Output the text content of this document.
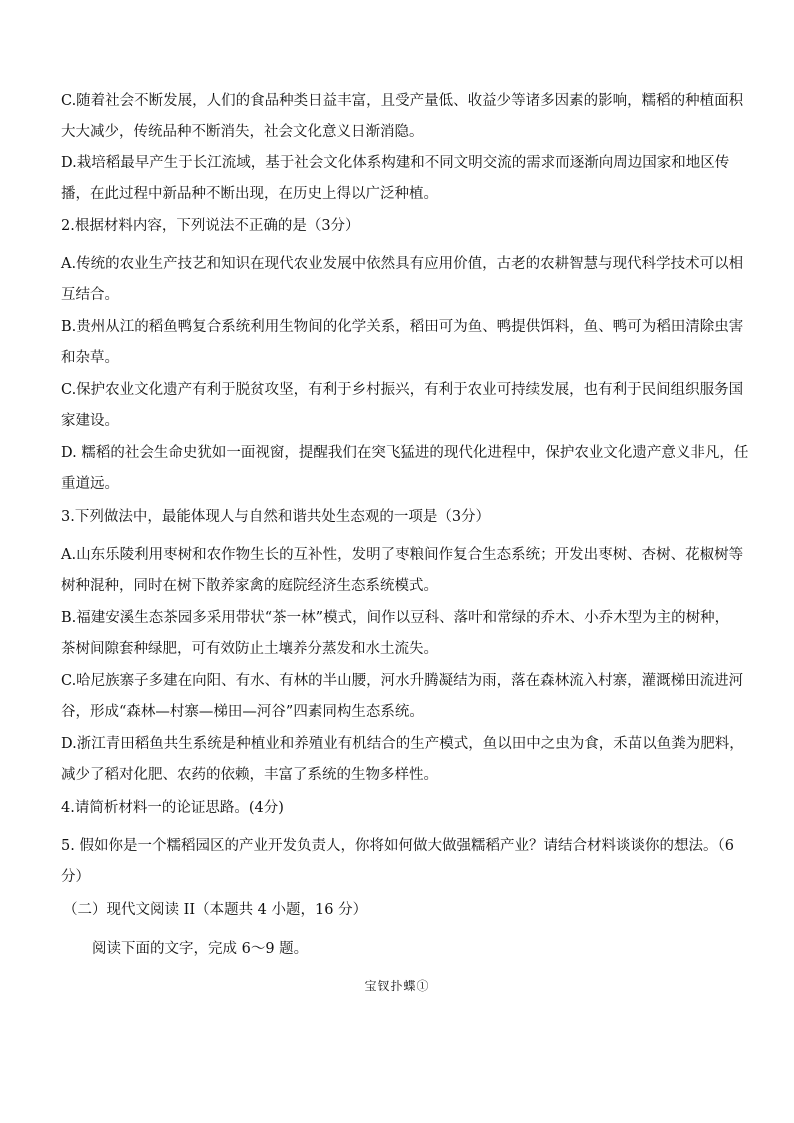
C.随着社会不断发展，人们的食品种类日益丰富，且受产量低、收益少等诸多因素的影响，糯稻的种植面积
大大减少，传统品种不断消失，社会文化意义日渐消隐。

D.栽培稻最早产生于长江流域，基于社会文化体系构建和不同文明交流的需求而逐渐向周边国家和地区传
播，在此过程中新品种不断出现，在历史上得以广泛种植。

2.根据材料内容，下列说法不正确的是（3分）

A.传统的农业生产技艺和知识在现代农业发展中依然具有应用价值，古老的农耕智慧与现代科学技术可以相
互结合。

B.贵州从江的稻鱼鸭复合系统利用生物间的化学关系，稻田可为鱼、鸭提供饵料，鱼、鸭可为稻田清除虫害
和杂草。

C.保护农业文化遗产有利于脱贫攻坚，有利于乡村振兴，有利于农业可持续发展，也有利于民间组织服务国
家建设。

D. 糯稻的社会生命史犹如一面视窗，提醒我们在突飞猛进的现代化进程中，保护农业文化遗产意义非凡，任
重道远。

3.下列做法中，最能体现人与自然和谐共处生态观的一项是（3分）

A.山东乐陵利用枣树和农作物生长的互补性，发明了枣粮间作复合生态系统；开发出枣树、杏树、花椒树等
树种混种，同时在树下散养家禽的庭院经济生态系统模式。

B.福建安溪生态茶园多采用带状“茶一林”模式，间作以豆科、落叶和常绿的乔木、小乔木型为主的树种，
茶树间隙套种绿肥，可有效防止土壤养分蒸发和水土流失。

C.哈尼族寨子多建在向阳、有水、有林的半山腰，河水升腾凝结为雨，落在森林流入村寨，灌溉梯田流进河
谷，形成“森林—村寨—梯田—河谷”四素同构生态系统。

D.浙江青田稻鱼共生系统是种植业和养殖业有机结合的生产模式，鱼以田中之虫为食，禾苗以鱼粪为肥料，
减少了稻对化肥、农药的依赖，丰富了系统的生物多样性。

4.请简析材料一的论证思路。(4分)

5. 假如你是一个糯稻园区的产业开发负责人，你将如何做大做强糯稻产业？请结合材料谈谈你的想法。（6
分）

（二）现代文阅读 II（本题共 4 小题，16 分）

阅读下面的文字，完成 6～9 题。

宝钗扑蝶①
